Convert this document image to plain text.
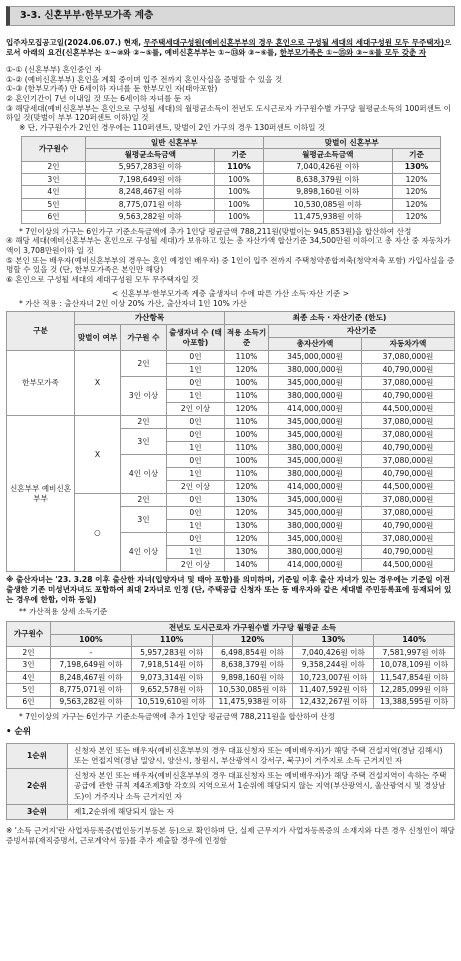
3-3. 신혼부부·한부모가족 계층
입주자모집공고일(2024.06.07.) 현재, 무주택세대구성원(예비신혼부부의 경우 혼인으로 구성될 세대의 세대구성원 모두 무주택자)으로서 아래의 요건(신혼부부는 ①~⑩와 ②~⑤를, 예비신혼부부는 ①~⑬와 ③~⑥를, 한부모가족은 ①~⑮와 ③~⑤를 모두 갖춘 자

①-① (신혼부부) 혼인중인 자

①-② (예비신혼부부) 혼인을 계획 중이며 입주 전까지 혼인사실을 증명할 수 있을 것

①-③ (한부모가족) 만 6세이하 자녀를 둔 한부모인 자(태아포함)

② 혼인기간이 7년 이내일 것 또는 6세이하 자녀를 둔 자

③ 해당세대(예비신혼부부는 혼인으로 구성될 세대)의 월평균소득이 전년도 도시근로자 가구원수별 가구당 월평균소득의 100퍼센트 이하일 것(맞벌이 부부 120퍼센트 이하)일 것

※ 단, 가구원수가 2인인 경우에는 110퍼센트, 맞벌이 2인 가구의 경우 130퍼센트 이하일 것

가구원수	일반 신혼부부		맞벌이 신혼부부	
	월평균소득금액	기준	월평균소득금액	기준
2인	5,957,283원 이하	110%	7,040,426원 이하	130%
3인	7,198,649원 이하	100%	8,638,379원 이하	120%
4인	8,248,467원 이하	100%	9,898,160원 이하	120%
5인	8,775,071원 이하	100%	10,530,085원 이하	120%
6인	9,563,282원 이하	100%	11,475,938원 이하	120%

* 7인이상의 가구는 6인가구 기준소득금액에 추가 1인당 평균금액 788,211원(맞벌이는 945,853원)을 합산하여 산정

④ 해당 세대(예비신혼부부는 혼인으로 구성될 세대)가 보유하고 있는 총 자산가액 합산기준 34,500만원 이하이고 총 자산 중 자동차가액이 3,708만원이하 일 것

⑤ 본인 또는 배우자(예비신혼부부의 경우는 혼인 예정인 배우자) 중 1인이 입주 전까지 주택청약종합저축(청약저축 포함) 가입사실을 증명할 수 있을 것 (단, 한부모가족은 본인만 해당)

⑥ 혼인으로 구성될 세대의 세대구성원 모두 무주택자일 것

< 신혼부부·한부모가족 계층 출생자녀 수에 따른 가산 소득·자산 기준 >
* 가산 적용 : 출산자녀 2인 이상 20% 가산, 출산자녀 1인 10% 가산
구분	가산항목			최종 소득 · 자산기준 (한도)		
	맞벌이 여부	가구원 수	출생자녀 수 (태아포함)	적용 소득기준	자산기준	
					총자산가액	자동차가액
한부모가족	X	2인	0인	110%	345,000,000원	37,080,000원
			1인	120%	380,000,000원	40,790,000원
		3인 이상	0인	100%	345,000,000원	37,080,000원
			1인	110%	380,000,000원	40,790,000원
			2인 이상	120%	414,000,000원	44,500,000원
신혼부부 예비신혼부부	X	2인	0인	110%	345,000,000원	37,080,000원
		3인	0인	100%	345,000,000원	37,080,000원
			1인	110%	380,000,000원	40,790,000원
		4인 이상	0인	100%	345,000,000원	37,080,000원
			1인	110%	380,000,000원	40,790,000원
			2인 이상	120%	414,000,000원	44,500,000원
	○	2인	0인	130%	345,000,000원	37,080,000원
		3인	0인	120%	345,000,000원	37,080,000원
			1인	130%	380,000,000원	40,790,000원
		4인 이상	0인	120%	345,000,000원	37,080,000원
			1인	130%	380,000,000원	40,790,000원
			2인 이상	140%	414,000,000원	44,500,000원
※ 출산자녀는 '23. 3.28 이후 출산한 자녀(입양자녀 및 태아 포함)를 의미하며, 기준일 이후 출산 자녀가 있는 경우에는 기준일 이전 출생한 기존 미성년자녀도 포함하여 최대 2자녀로 인정 (단, 주택공급 신청자 또는 동 배우자와 같은 세대별 주민등록표에 등재되어 있는 경우에 한함, 이하 동일)
** 가산적용 상세 소득기준
가구원수	전년도 도시근로자 가구원수별 가구당 월평균 소득				
	100%	110%	120%	130%	140%
2인	-	5,957,283원 이하	6,498,854원 이하	7,040,426원 이하	7,581,997원 이하
3인	7,198,649원 이하	7,918,514원 이하	8,638,379원 이하	9,358,244원 이하	10,078,109원 이하
4인	8,248,467원 이하	9,073,314원 이하	9,898,160원 이하	10,723,007원 이하	11,547,854원 이하
5인	8,775,071원 이하	9,652,578원 이하	10,530,085원 이하	11,407,592원 이하	12,285,099원 이하
6인	9,563,282원 이하	10,519,610원 이하	11,475,938원 이하	12,432,267원 이하	13,388,595원 이하
* 7인이상의 가구는 6인가구 기준소득금액에 추가 1인당 평균금액 788,211원을 합산하여 산정
• 순위
1순위	신청자 본인 또는 배우자(예비신혼부부의 경우 대표신청자 또는 예비배우자)가 해당 주택 건설지역(경남 김해시) 또는 연접지역(경남 밀양시, 양산시, 창원시, 부산광역시 강서구, 북구)이 거주지로 소득 근거지인 자
2순위	신청자 본인 또는 배우자(예비신혼부부의 경우 대표신청자 또는 예비배우자)가 해당 주택 건설지역이 속하는 주택공급에 관한 규칙 제4조제3항 각호의 지역으로서 1순위에 해당되지 않는 지역(부산광역시, 울산광역시 및 경상남도)이 거주지나 소득 근거지인 자
3순위	제1,2순위에 해당되지 않는 자
※ '소득 근거지'란 사업자등록증(법인등기부등본 등)으로 확인하며 단, 실제 근무지가 사업자등록증의 소재지와 다른 경우 신청인이 해당 증빙서류(재직증명서, 근로계약서 등)를 추가 제출할 경우에 인정함
